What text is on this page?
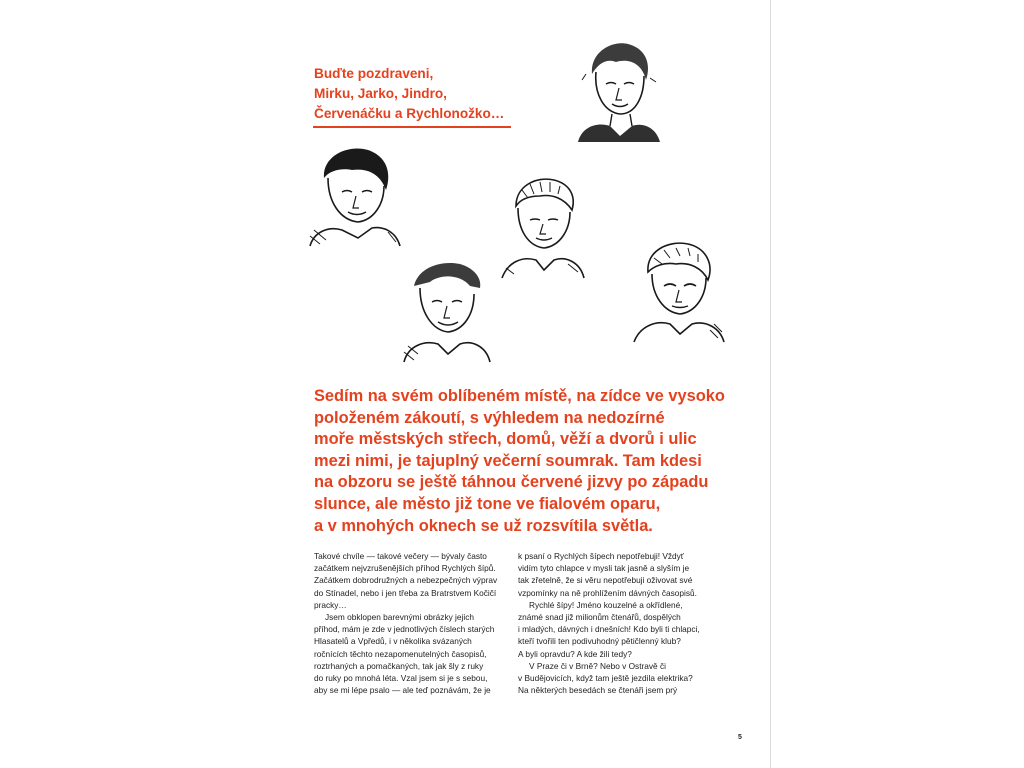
Buďte pozdraveni,
Mirku, Jarko, Jindro,
Červenáčku a Rychlonožko…
Sedím na svém oblíbeném místě, na zídce ve vysoko
položeném zákoutí, s výhledem na nedozírné
moře městských střech, domů, věží a dvorů i ulic
mezi nimi, je tajuplný večerní soumrak. Tam kdesi
na obzoru se ještě táhnou červené jizvy po západu
slunce, ale město již tone ve fialovém oparu,
a v mnohých oknech se už rozsvítila světla.
Takové chvíle — takové večery — bývaly často
začátkem nejvzrušenějších příhod Rychlých šípů.
Začátkem dobrodružných a nebezpečných výprav
do Stínadel, nebo i jen třeba za Bratrstvem Kočičí
pracky…
Jsem obklopen barevnými obrázky jejich
příhod, mám je zde v jednotlivých číslech starých
Hlasatelů a Vpředů, i v několika svázaných
ročnících těchto nezapomenutelných časopisů,
roztrhaných a pomačkaných, tak jak šly z ruky
do ruky po mnohá léta. Vzal jsem si je s sebou,
aby se mi lépe psalo — ale teď poznávám, že je
k psaní o Rychlých šípech nepotřebuji! Vždyť
vidím tyto chlapce v mysli tak jasně a slyším je
tak zřetelně, že si věru nepotřebuji oživovat své
vzpomínky na ně prohlížením dávných časopisů.
Rychlé šípy! Jméno kouzelné a okřídlené,
známé snad již milionům čtenářů, dospělých
i mladých, dávných i dnešních! Kdo byli ti chlapci,
kteří tvořili ten podivuhodný pětičlenný klub?
A byli opravdu? A kde žili tedy?
V Praze či v Brně? Nebo v Ostravě či
v Budějovicích, když tam ještě jezdila elektrika?
Na některých besedách se čtenáři jsem prý
5
